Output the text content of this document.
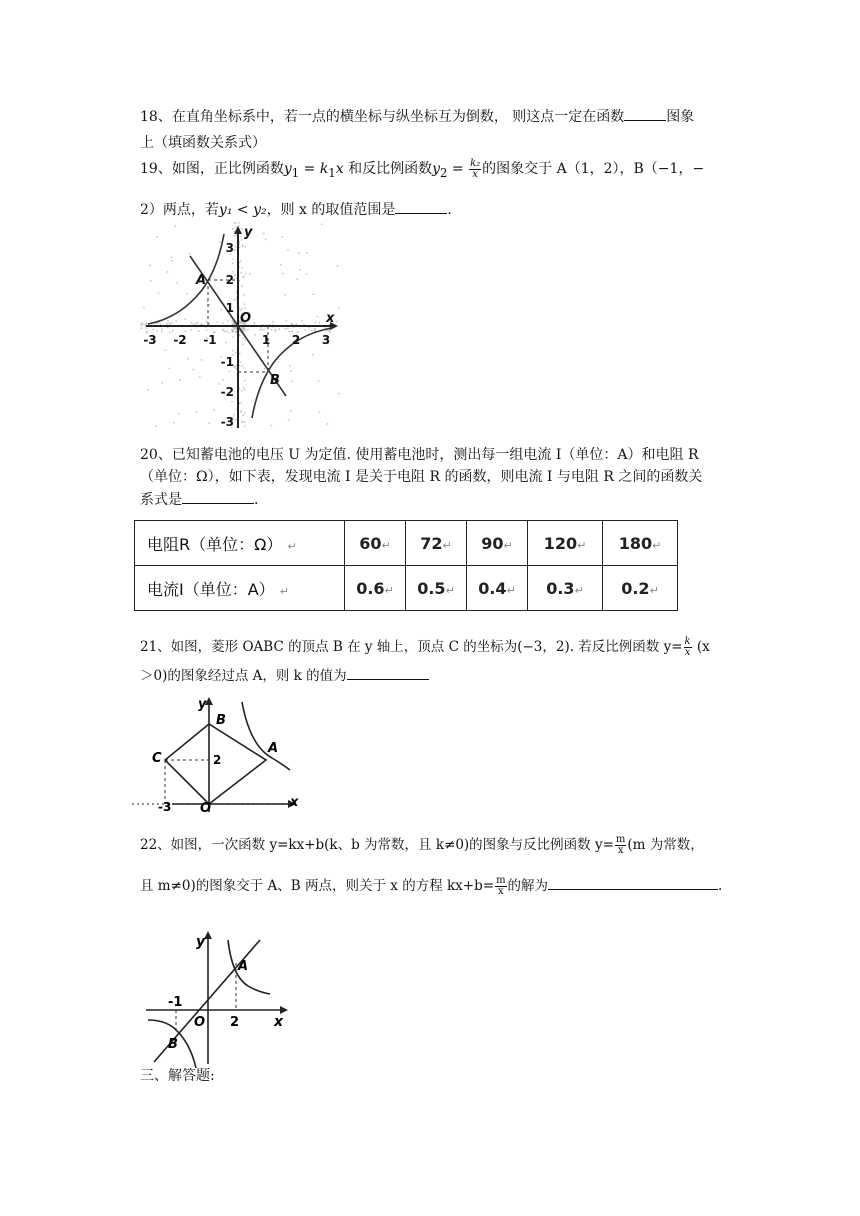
18、在直角坐标系中，若一点的横坐标与纵坐标互为倒数， 则这点一定在函数	图象

上（填函数关系式）

19、如图，正比例函数$y_1 = k_1x$ 和反比例函数$y_2 = \frac{\text{k₂}}{x}$ 的图象交于 A（1，2），B（−1，−

2）两点，若y₁ < y₂，则 x 的取值范围是	.

-3 -2 -1	1 2 3
3
2
1
-1
-2
-3
x
y
O
A
B

20、已知蓄电池的电压 U 为定值. 使用蓄电池时，测出每一组电流 I（单位：A）和电阻 R

（单位：Ω），如下表，发现电流 I 是关于电阻 R 的函数，则电流 I 与电阻 R 之间的函数关

系式是	.

电阻R（单位：Ω） ↵	60↵	72↵	90↵	120↵	180↵
电流I（单位：A） ↵	0.6↵	0.5↵	0.4↵	0.3↵	0.2↵

21、如图，菱形 OABC 的顶点 B 在 y 轴上，顶点 C 的坐标为(−3，2). 若反比例函数 $y= \frac{k}{x} (x$

＞0)的图象经过点 A，则 k 的值为

y
x
B
C
A
O
2
-3

22、如图，一次函数 y=kx+b(k、b 为常数，且 k≠0)的图象与反比例函数 $y= \frac{m}{x} (m$ 为常数，

且 m≠0)的图象交于 A、B 两点，则关于 x 的方程 $kx+b= \frac{m}{x}$ 的解为	.

y
x
-1
O 2
A
B
三、解答题:
